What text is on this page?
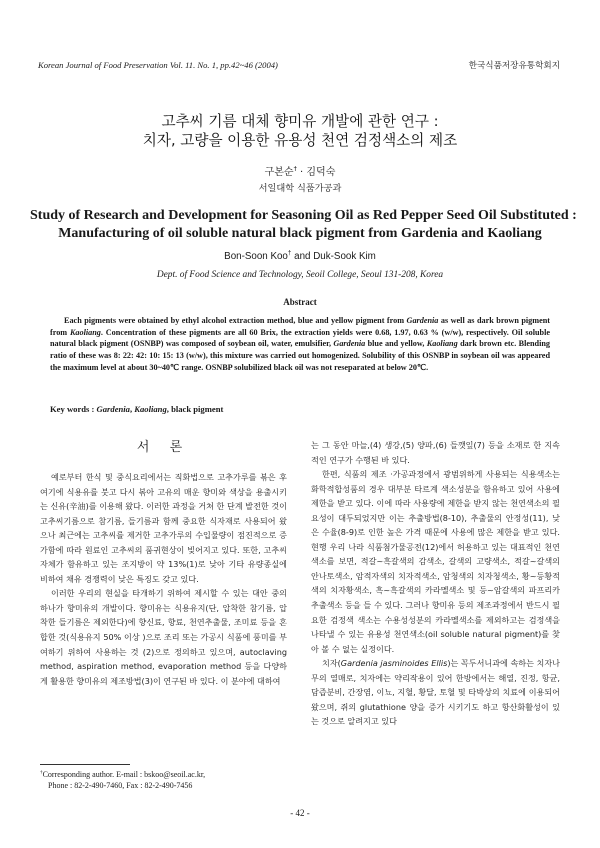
Korean Journal of Food Preservation Vol. 11. No. 1, pp.42~46 (2004)	한국식품저장유통학회지
고추씨 기름 대체 향미유 개발에 관한 연구 :
치자, 고량을 이용한 유용성 천연 검정색소의 제조
구본순† · 김덕숙
서일대학 식품가공과
Study of Research and Development for Seasoning Oil as Red Pepper Seed Oil Substituted :
Manufacturing of oil soluble natural black pigment from Gardenia and Kaoliang
Bon-Soon Koo† and Duk-Sook Kim
Dept. of Food Science and Technology, Seoil College, Seoul 131-208, Korea
Abstract
Each pigments were obtained by ethyl alcohol extraction method, blue and yellow pigment from Gardenia as well as dark brown pigment from Kaoliang. Concentration of these pigments are all 60 Brix, the extraction yields were 0.68, 1.97, 0.63 % (w/w), respectively. Oil soluble natural black pigment (OSNBP) was composed of soybean oil, water, emulsifier, Gardenia blue and yellow, Kaoliang dark brown etc. Blending ratio of these was 8: 22: 42: 10: 15: 13 (w/w), this mixture was carried out homogenized. Solubility of this OSNBP in soybean oil was appeared the maximum level at about 30~40℃ range. OSNBP solubilized black oil was not reseparated at below 20℃.
Key words : Gardenia, Kaoliang, black pigment
서 론

예로부터 한식 및 중식요리에서는 직화법으로 고추가루를 볶은 후 여기에 식용유를 붓고 다시 볶아 고유의 매운 향미와 색상을 용출시키는 신유(辛油)를 이용해 왔다. 이러한 과정을 거쳐 한 단계 발전한 것이 고추씨기름으로 참기름, 들기름과 함께 중요한 식자재로 사용되어 왔으나 최근에는 고추씨를 제거한 고추가루의 수입물량이 점진적으로 증가함에 따라 원료인 고추씨의 품귀현상이 빚어지고 있다. 또한, 고추씨 자체가 함유하고 있는 조지방이 약 13%(1)로 낮아 기타 유량종실에 비하여 채유 경쟁력이 낮은 특징도 갖고 있다.

이러한 우리의 현실을 타개하기 위하여 제시할 수 있는 대안 중의 하나가 향미유의 개발이다. 향미유는 식용유지(단, 압착한 참기름, 압착한 들기름은 제외한다)에 향신료, 향료, 천연추출물, 조미료 등을 혼합한 것(식용유지 50% 이상 )으로 조리 또는 가공시 식품에 풍미를 부여하기 위하여 사용하는 것 (2)으로 정의하고 있으며, autoclaving method, aspiration method, evaporation method 등을 다양하게 활용한 향미유의 제조방법(3)이 연구된 바 있다. 이 분야에 대하여

는 그 동안 마늘,(4) 생강,(5) 양파,(6) 들깻잎(7) 등을 소재로 한 지속적인 연구가 수행된 바 있다.

한편, 식품의 제조 ·가공과정에서 광범위하게 사용되는 식용색소는 화학적합성품의 경우 대부분 타르계 색소성분을 함유하고 있어 사용에 제한을 받고 있다. 이에 따라 사용량에 제한을 받지 않는 천연색소의 필요성이 대두되었지만 이는 추출방법(8-10), 추출물의 안정성(11), 낮은 수율(8-9)로 인한 높은 가격 때문에 사용에 많은 제한을 받고 있다. 현행 우리 나라 식품첨가물공전(12)에서 허용하고 있는 대표적인 천연색소를 보면, 적갈~흑갈색의 감색소, 갈색의 고량색소, 적갈~갈색의 안나토색소, 암적자색의 치자적색소, 암청색의 치자청색소, 황~등황적색의 치자황색소, 흑~흑갈색의 카라멜색소 및 등~암갈색의 파프리카추출색소 등을 들 수 있다. 그러나 향미유 등의 제조과정에서 반드시 필요한 검정색 색소는 수용성성분의 카라멜색소를 제외하고는 검정색을 나타낼 수 있는 유용성 천연색소(oil soluble natural pigment)를 찾아 볼 수 없는 실정이다.

치자(Gardenia jasminoides Ellis)는 꼭두서니과에 속하는 치자나무의 열매로, 치자에는 약리작용이 있어 한방에서는 해열, 진정, 항균, 담즙분비, 간장염, 이뇨, 지혈, 황달, 토혈 및 타박상의 치료에 이용되어 왔으며, 쥐의 glutathione 양을 증가 시키기도 하고 항산화활성이 있는 것으로 알려지고 있다

†Corresponding author. E-mail : bskoo@seoil.ac.kr,
Phone : 82-2-490-7460, Fax : 82-2-490-7456
- 42 -
